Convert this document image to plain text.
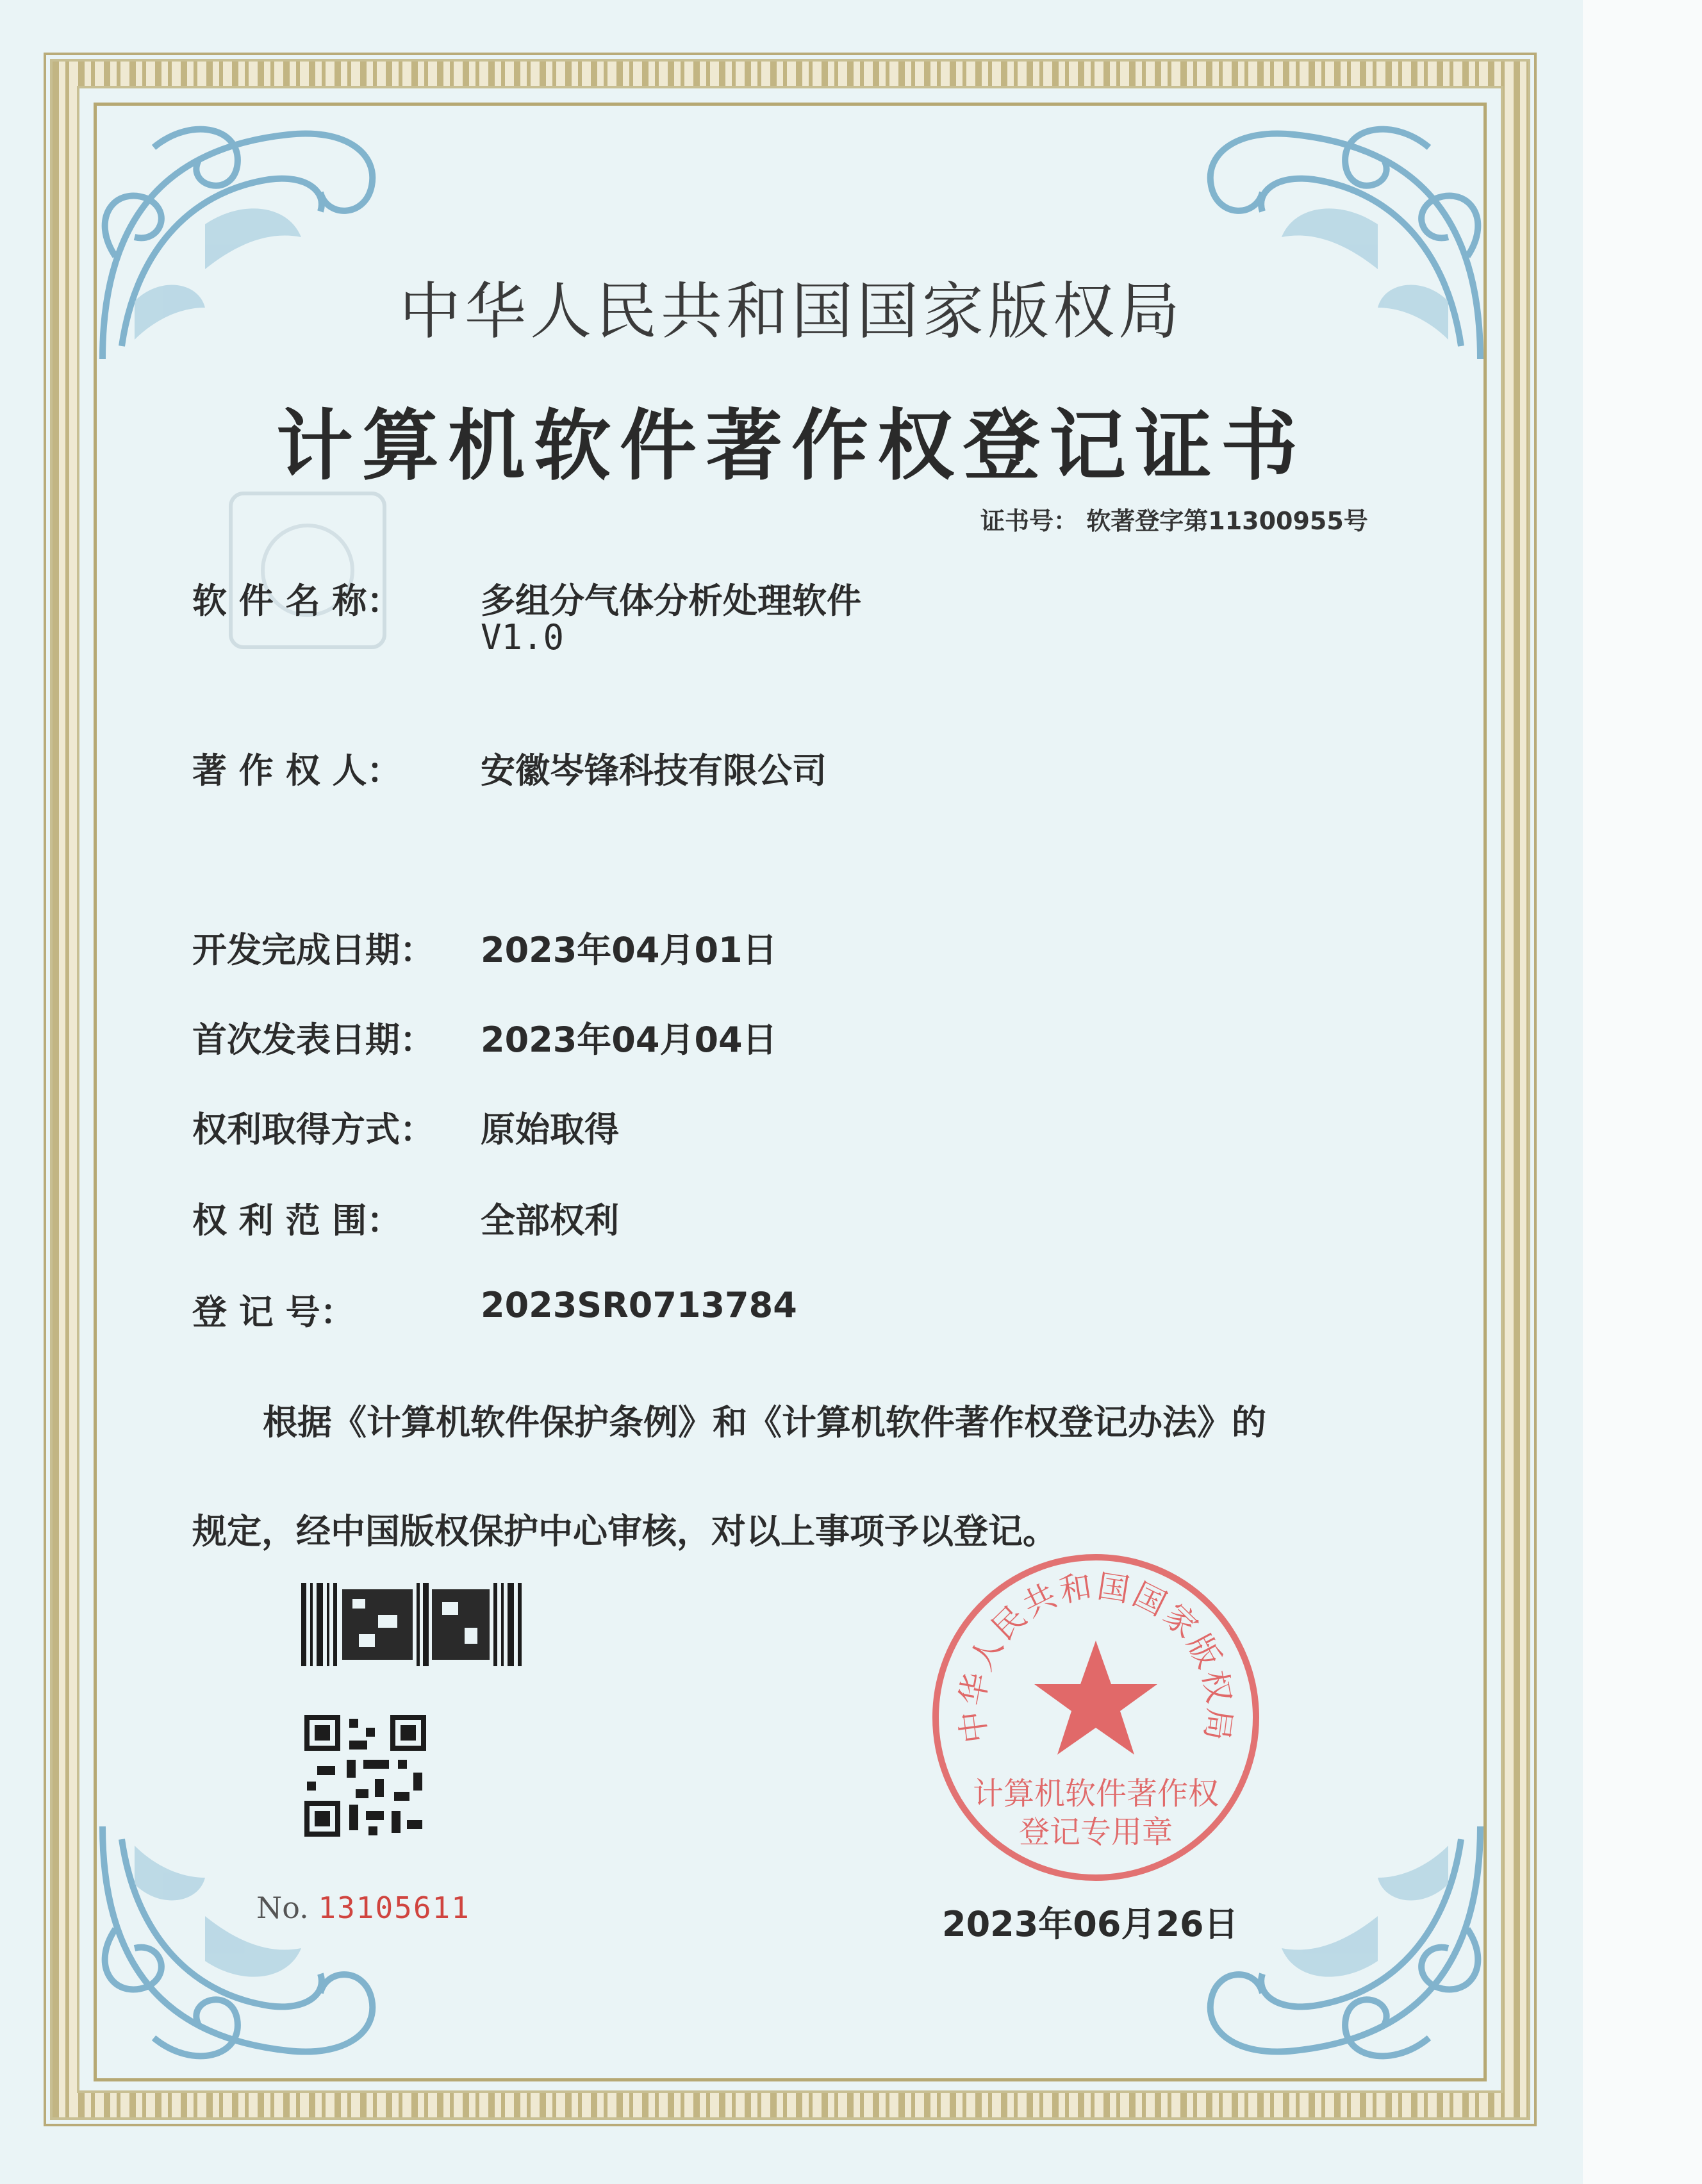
中华人民共和国国家版权局
计算机软件著作权登记证书
证书号： 软著登字第11300955号
软 件 名 称：	多组分气体分析处理软件
V1.0
著 作 权 人：	安徽岑锋科技有限公司
开发完成日期：	2023年04月01日
首次发表日期：	2023年04月04日
权利取得方式：	原始取得
权 利 范 围：	全部权利
登 记 号：	2023SR0713784
根据《计算机软件保护条例》和《计算机软件著作权登记办法》的
规定，经中国版权保护中心审核，对以上事项予以登记。
No. 13105611
中华人民共和国国家版权局
计算机软件著作权
登记专用章
2023年06月26日
